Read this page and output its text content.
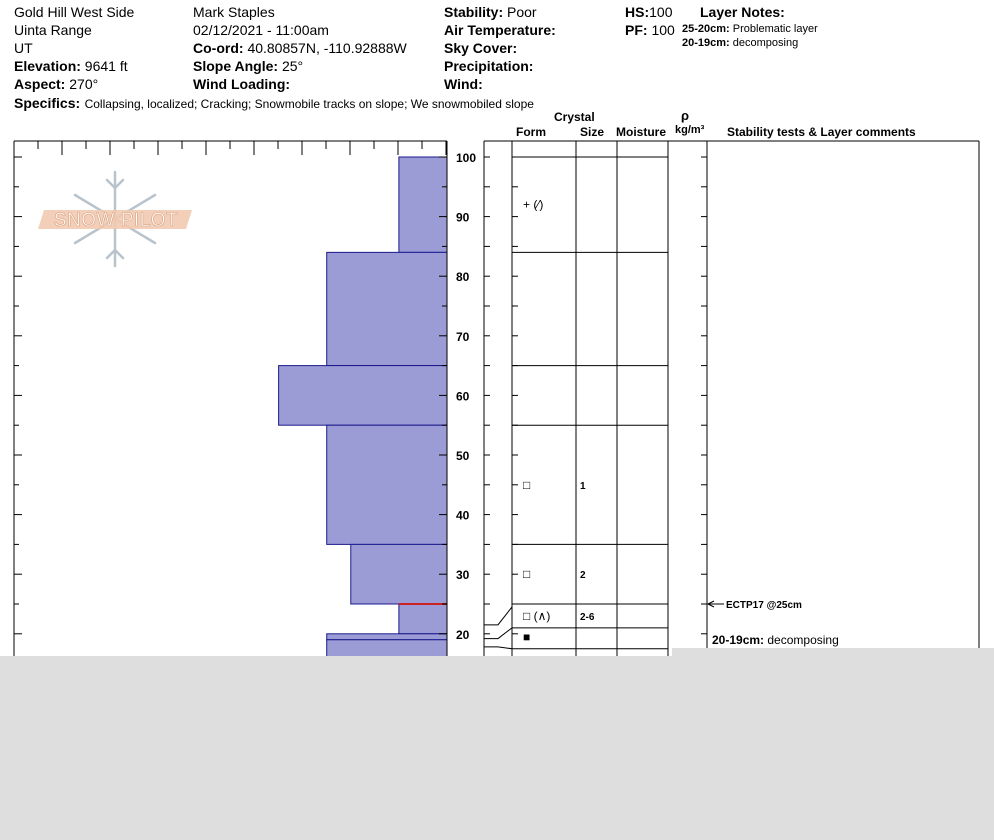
Gold Hill West Side
Uinta Range
UT
Elevation: 9641 ft
Aspect: 270°
Mark Staples
02/12/2021 - 11:00am
Co-ord: 40.80857N, -110.92888W
Slope Angle: 25°
Wind Loading:
Stability: Poor
Air Temperature:
Sky Cover:
Precipitation:
Wind:
HS:100
PF: 100
Layer Notes:
25-20cm: Problematic layer
20-19cm: decomposing
Specifics: Collapsing, localized; Cracking; Snowmobile tracks on slope; We snowmobiled slope
Crystal
Form	Size Moisture
ρ
kg/m³ Stability tests & Layer comments
SNOW PILOT
100
90
80
70
60
50
40
30
20
+ (⁄)
□	1
□	2
□ (∧)	2-6
■
ECTP17 @25cm
20-19cm: decomposing
